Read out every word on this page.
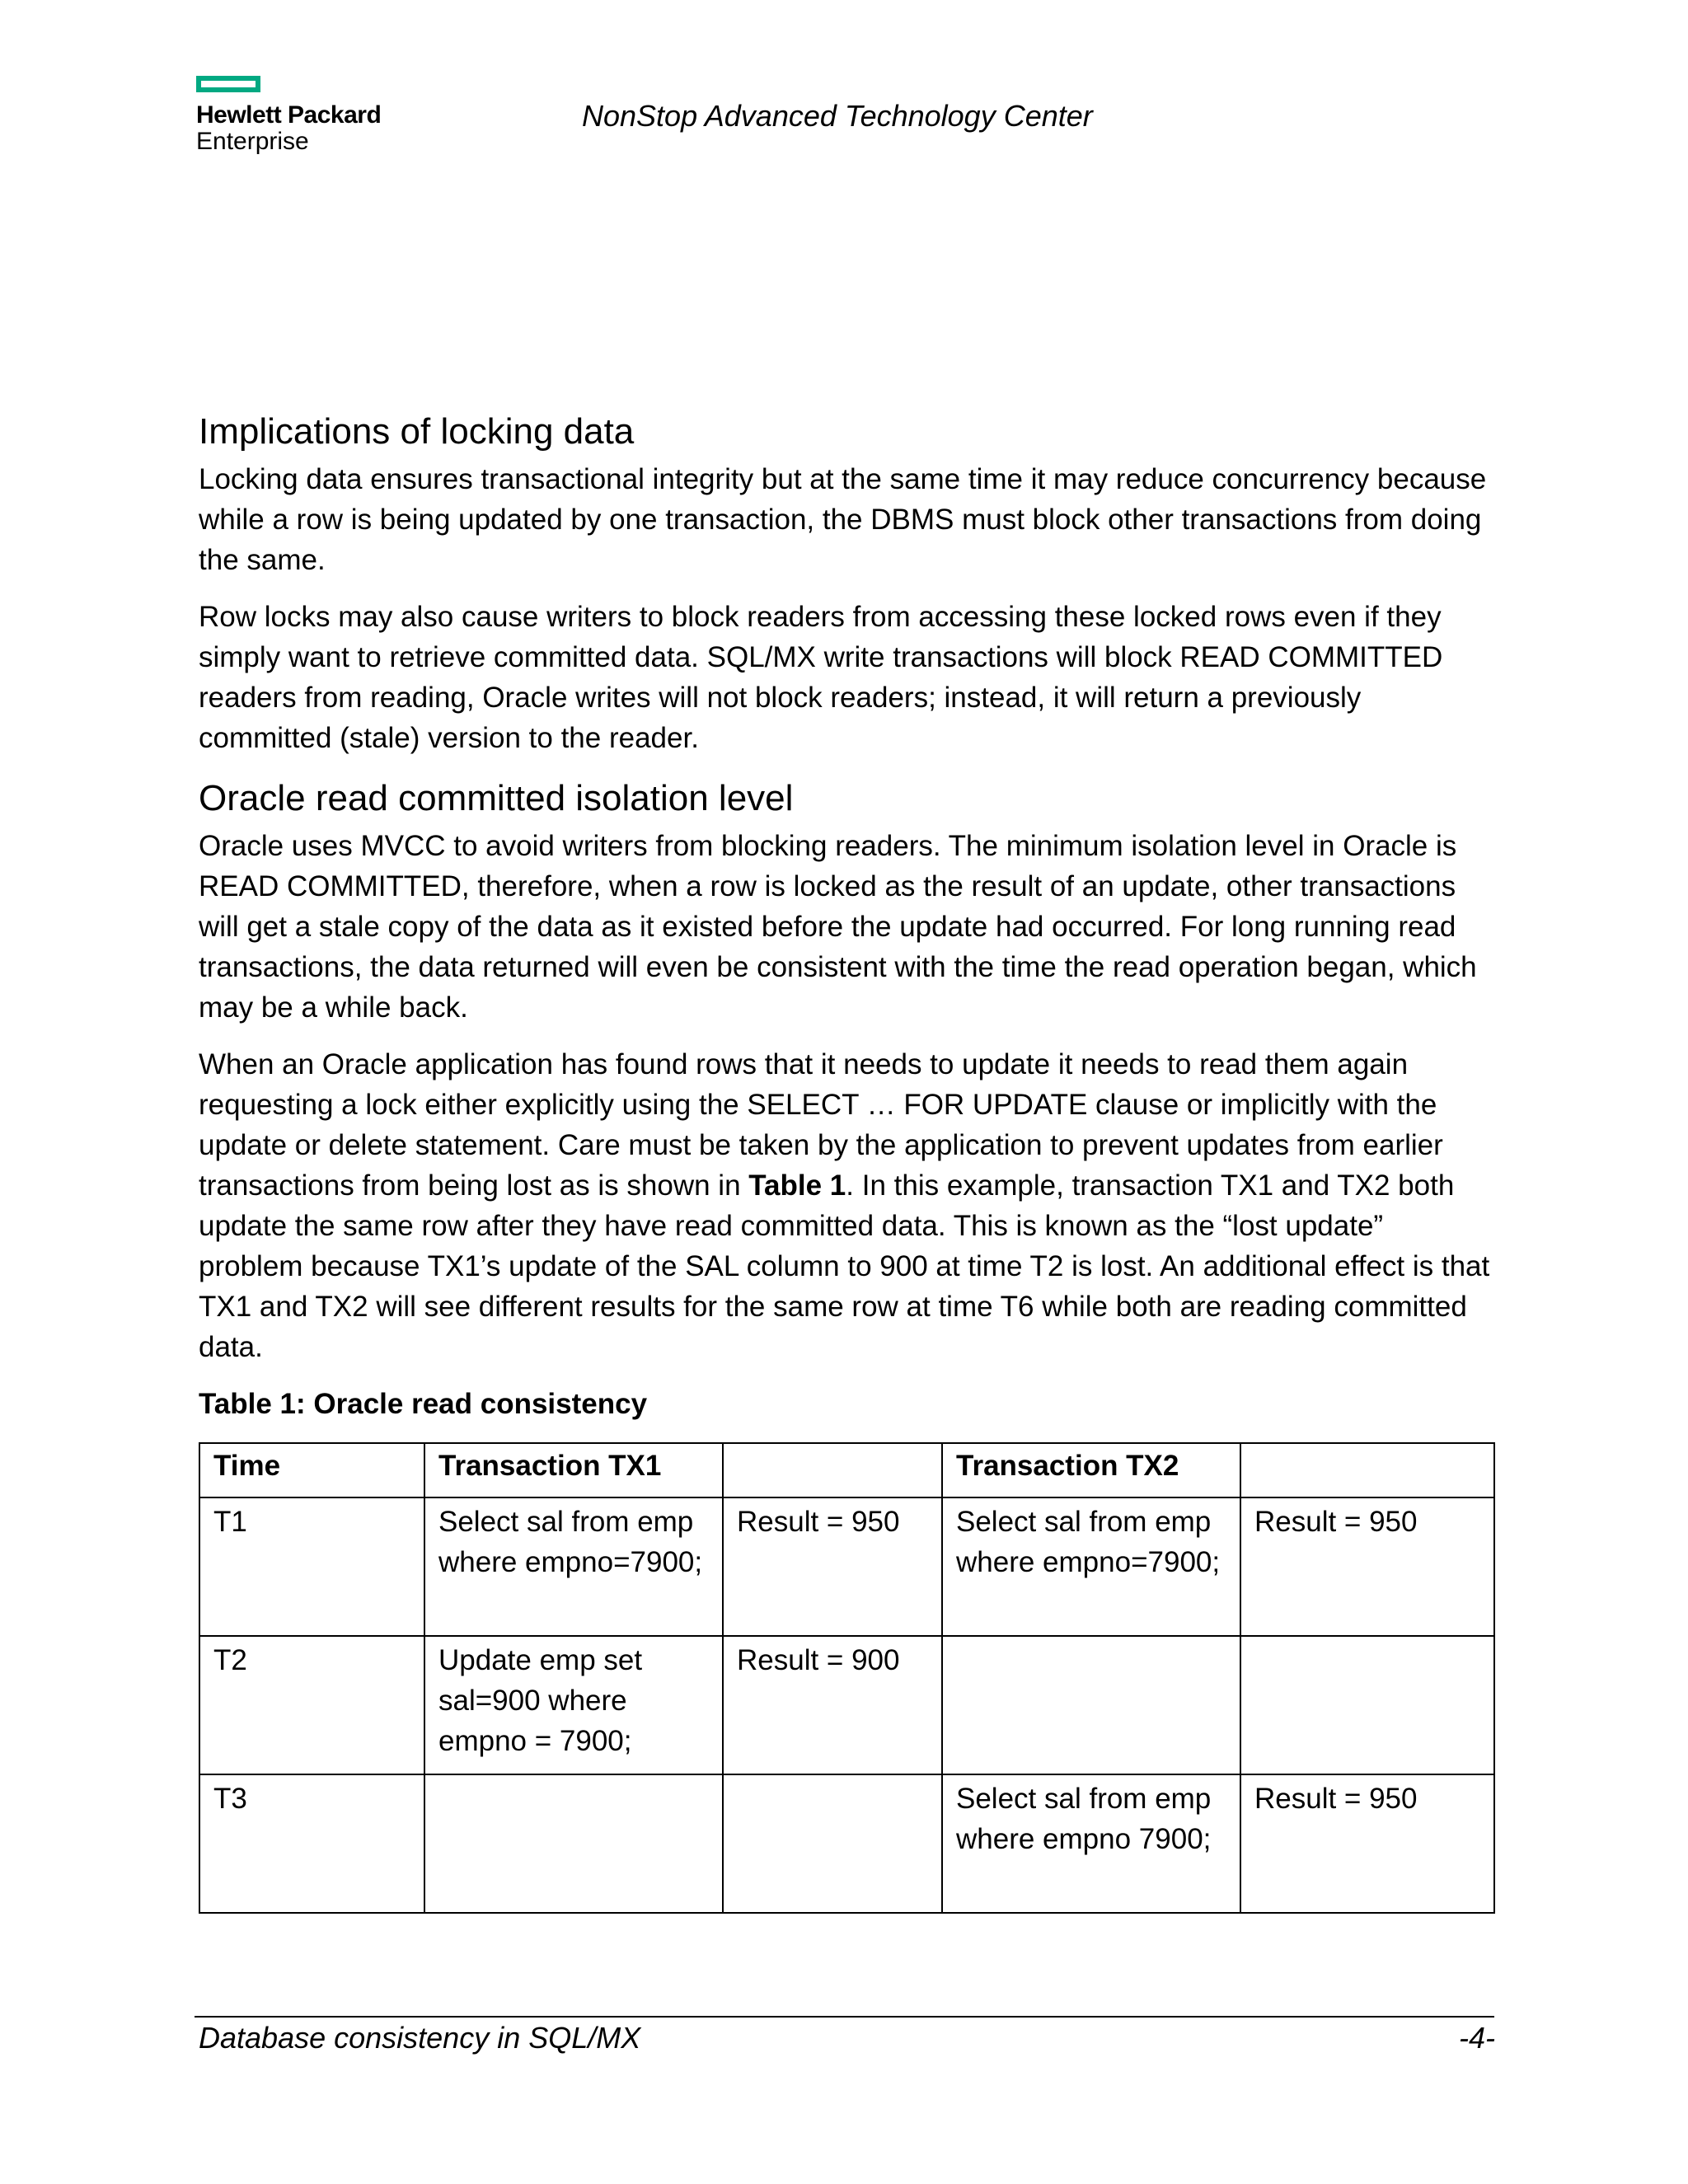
Hewlett Packard
Enterprise
NonStop Advanced Technology Center
Implications of locking data

Locking data ensures transactional integrity but at the same time it may reduce concurrency because while a row is being updated by one transaction, the DBMS must block other transactions from doing the same.

Row locks may also cause writers to block readers from accessing these locked rows even if they simply want to retrieve committed data. SQL/MX write transactions will block READ COMMITTED readers from reading, Oracle writes will not block readers; instead, it will return a previously committed (stale) version to the reader.

Oracle read committed isolation level

Oracle uses MVCC to avoid writers from blocking readers. The minimum isolation level in Oracle is READ COMMITTED, therefore, when a row is locked as the result of an update, other transactions will get a stale copy of the data as it existed before the update had occurred. For long running read transactions, the data returned will even be consistent with the time the read operation began, which may be a while back.

When an Oracle application has found rows that it needs to update it needs to read them again requesting a lock either explicitly using the SELECT … FOR UPDATE clause or implicitly with the update or delete statement. Care must be taken by the application to prevent updates from earlier transactions from being lost as is shown in Table 1. In this example, transaction TX1 and TX2 both update the same row after they have read committed data. This is known as the “lost update” problem because TX1’s update of the SAL column to 900 at time T2 is lost. An additional effect is that TX1 and TX2 will see different results for the same row at time T6 while both are reading committed data.

Table 1: Oracle read consistency

Time	Transaction TX1		Transaction TX2	
T1	Select sal from emp where empno=7900;	Result = 950	Select sal from emp where empno=7900;	Result = 950
T2	Update emp set sal=900 where empno = 7900;	Result = 900		
T3			Select sal from emp where empno 7900;	Result = 950
Database consistency in SQL/MX	-4-
